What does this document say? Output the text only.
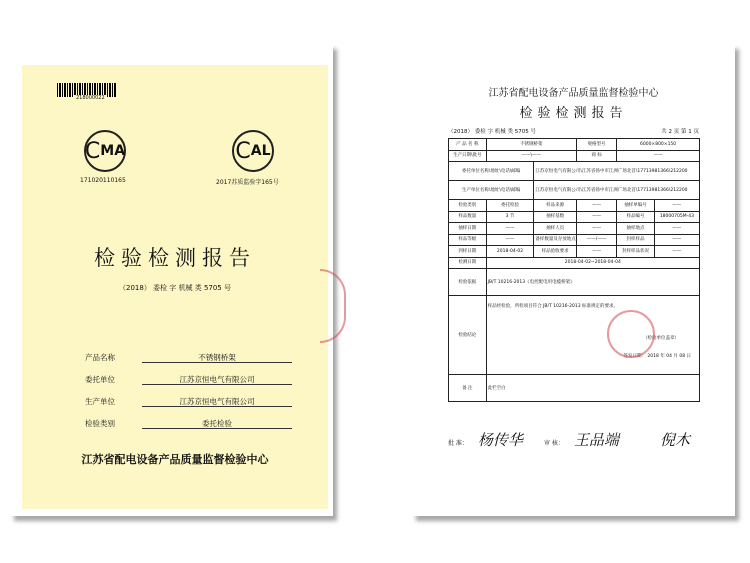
218000022
C MA
171020110165
C AL
2017苏质监验字165号
检验检测报告
（2018） 委检 字 机械 类 5705 号
产品名称	不锈钢桥架
委托单位	江苏京恒电气有限公司
生产单位	江苏京恒电气有限公司
检验类别	委托检验
江苏省配电设备产品质量监督检验中心
江苏省配电设备产品质量监督检验中心
检验检测报告
（2018） 委检 字 机械 类 5705 号	共 2 页 第 1 页
产 品 名 称	不锈钢桥架		规格型号	6000×800×150	
生产日期\批号	——\——		商 标	——	
委托单位名称\地址\电话\邮编		江苏京恒电气有限公司\江苏省扬中市江洲广场北首\17713981366\212200			
生产单位名称\地址\电话\邮编		江苏京恒电气有限公司\江苏省扬中市江洲广场北首\17713981366\212200			
检验类别	委托检验	样品来源	——	抽样单编号	——
样品数量	3 节	抽样基数	——	样品编号	18000705M-43
抽样日期	——	抽样人员	——	抽样地点	——
样品等级	——	备样数量及存放地点	——/——	封样样品	——
到样日期	2018-04-02	样品验收要求	——	封样样品状况	——
检测日期	2018-04-02~2018-04-04				
检验依据	JB/T 10216-2013《电控配电用电缆桥架》				
检验结论	样品经检验，所检项目符合 JB/T 10216-2013 标准规定的要求。
（检验单位盖章）
签发日期： 2018 年 04 月 08 日				

备 注	此栏空白				
批 准： 杨传华	审 核： 王品端	倪木
